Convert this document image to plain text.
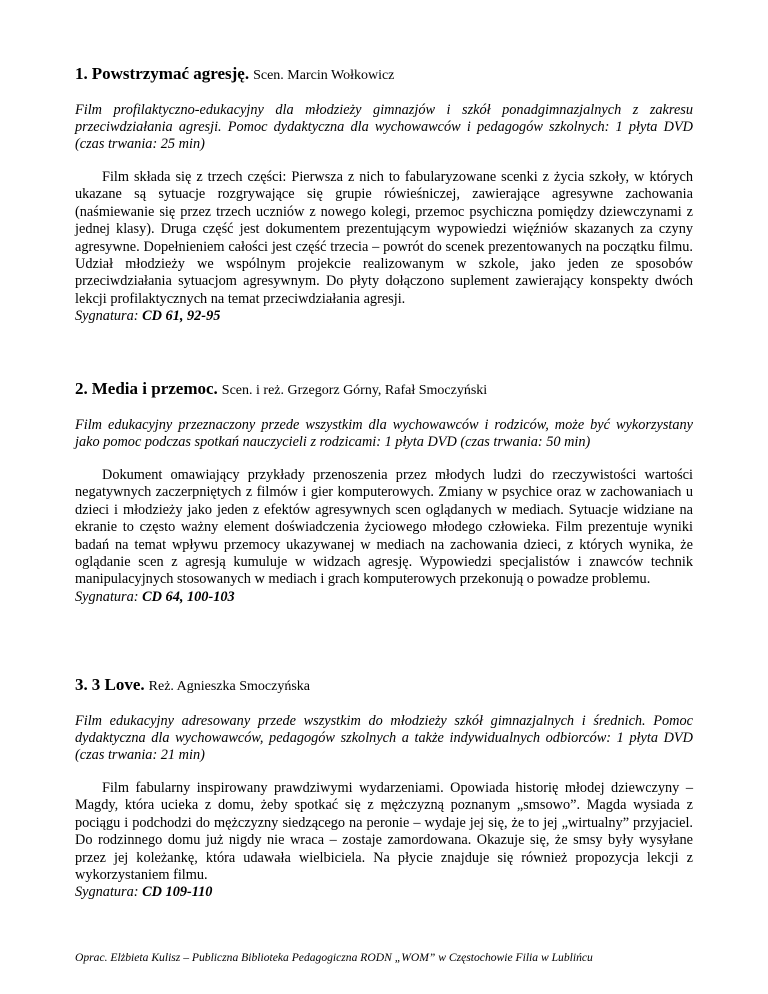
1. Powstrzymać agresję. Scen. Marcin Wołkowicz

Film profilaktyczno-edukacyjny dla młodzieży gimnazjów i szkół ponadgimnazjalnych z zakresu przeciwdziałania agresji. Pomoc dydaktyczna dla wychowawców i pedagogów szkolnych: 1 płyta DVD (czas trwania: 25 min)

Film składa się z trzech części: Pierwsza z nich to fabularyzowane scenki z życia szkoły, w których ukazane są sytuacje rozgrywające się grupie rówieśniczej, zawierające agresywne zachowania (naśmiewanie się przez trzech uczniów z nowego kolegi, przemoc psychiczna pomiędzy dziewczynami z jednej klasy). Druga część jest dokumentem prezentującym wypowiedzi więźniów skazanych za czyny agresywne. Dopełnieniem całości jest część trzecia – powrót do scenek prezentowanych na początku filmu. Udział młodzieży we wspólnym projekcie realizowanym w szkole, jako jeden ze sposobów przeciwdziałania sytuacjom agresywnym. Do płyty dołączono suplement zawierający konspekty dwóch lekcji profilaktycznych na temat przeciwdziałania agresji.

Sygnatura: CD 61, 92-95

2. Media i przemoc. Scen. i reż. Grzegorz Górny, Rafał Smoczyński

Film edukacyjny przeznaczony przede wszystkim dla wychowawców i rodziców, może być wykorzystany jako pomoc podczas spotkań nauczycieli z rodzicami: 1 płyta DVD (czas trwania: 50 min)

Dokument omawiający przykłady przenoszenia przez młodych ludzi do rzeczywistości wartości negatywnych zaczerpniętych z filmów i gier komputerowych. Zmiany w psychice oraz w zachowaniach u dzieci i młodzieży jako jeden z efektów agresywnych scen oglądanych w mediach. Sytuacje widziane na ekranie to często ważny element doświadczenia życiowego młodego człowieka. Film prezentuje wyniki badań na temat wpływu przemocy ukazywanej w mediach na zachowania dzieci, z których wynika, że oglądanie scen z agresją kumuluje w widzach agresję. Wypowiedzi specjalistów i znawców technik manipulacyjnych stosowanych w mediach i grach komputerowych przekonują o powadze problemu.

Sygnatura: CD 64, 100-103

3. 3 Love. Reż. Agnieszka Smoczyńska

Film edukacyjny adresowany przede wszystkim do młodzieży szkół gimnazjalnych i średnich. Pomoc dydaktyczna dla wychowawców, pedagogów szkolnych a także indywidualnych odbiorców: 1 płyta DVD (czas trwania: 21 min)

Film fabularny inspirowany prawdziwymi wydarzeniami. Opowiada historię młodej dziewczyny – Magdy, która ucieka z domu, żeby spotkać się z mężczyzną poznanym „smsowo”. Magda wysiada z pociągu i podchodzi do mężczyzny siedzącego na peronie – wydaje jej się, że to jej „wirtualny” przyjaciel. Do rodzinnego domu już nigdy nie wraca – zostaje zamordowana. Okazuje się, że smsy były wysyłane przez jej koleżankę, która udawała wielbiciela. Na płycie znajduje się również propozycja lekcji z wykorzystaniem filmu.

Sygnatura: CD 109-110

Oprac. Elżbieta Kulisz – Publiczna Biblioteka Pedagogiczna RODN „WOM” w Częstochowie Filia w Lublińcu
